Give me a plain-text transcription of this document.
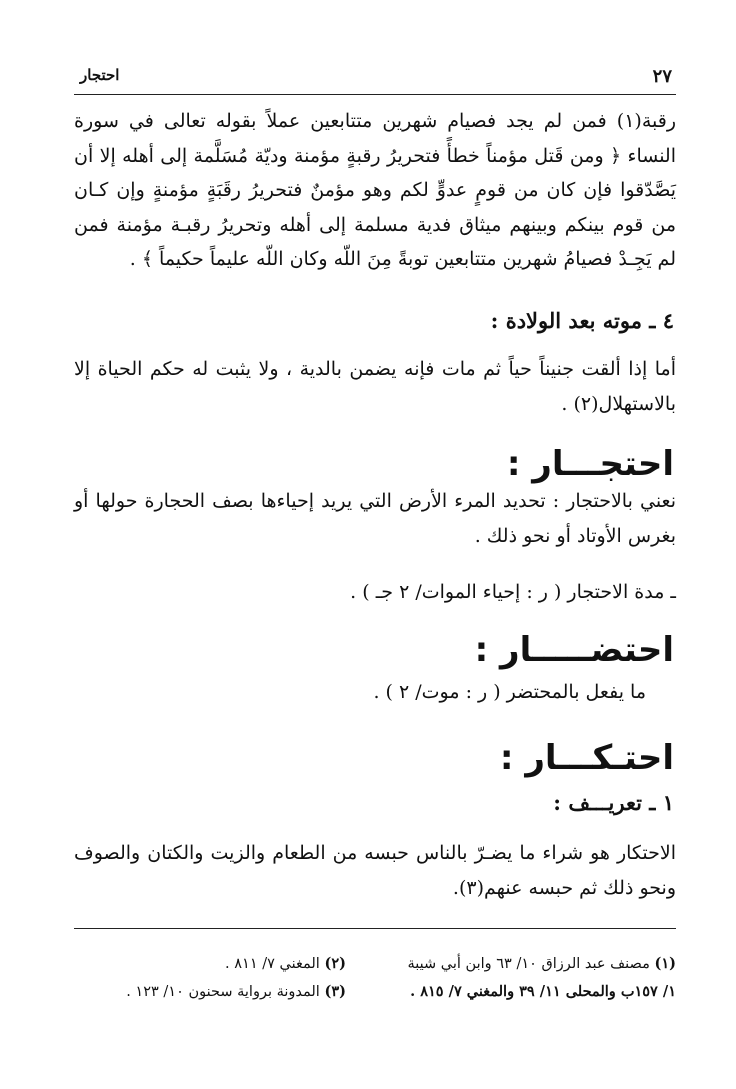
٢٧
احتجار

رقبة(١) فمن لم يجد فصيام شهرين متتابعين عملاً بقوله تعالى في سورة النساء ﴿ ومن قَتل مؤمناً خطأً فتحريرُ رقبةٍ مؤمنة وديّة مُسَلَّمة إلى أهله إلا أن يَصَّدّقوا فإن كان من قومٍ عدوٍّ لكم وهو مؤمنٌ فتحريرُ رقَبَةٍ مؤمنةٍ وإن كـان من قوم بينكم وبينهم ميثاق فدية مسلمة إلى أهله وتحريرُ رقبـة مؤمنة فمن لم يَجِـدْ فصيامُ شهرين متتابعين توبةً مِنَ اللّه وكان اللّه عليماً حكيماً ﴾ .

٤ ـ موته بعد الولادة :

أما إذا ألقت جنيناً حياً ثم مات فإنه يضمن بالدية ، ولا يثبت له حكم الحياة إلا بالاستهلال(٢) .

احتجـــار :

نعني بالاحتجار : تحديد المرء الأرض التي يريد إحياءها بصف الحجارة حولها أو بغرس الأوتاد أو نحو ذلك .

ـ مدة الاحتجار ( ر : إحياء الموات/ ٢ جـ ) .
احتضـــــار :
ما يفعل بالمحتضر ( ر : موت/ ٢ ) .
احتـكـــار :
١ ـ تعريـــف :

الاحتكار هو شراء ما يضـرّ بالناس حبسه من الطعام والزيت والكتان والصوف ونحو ذلك ثم حبسه عنهم(٣).

(١) مصنف عبد الرزاق ١٠/ ٦٣ وابن أبي شيبة
١/ ١٥٧ب والمحلى ١١/ ٣٩ والمغني ٧/ ٨١٥ .
(٢) المغني ٧/ ٨١١ .
(٣) المدونة برواية سحنون ١٠/ ١٢٣ .
